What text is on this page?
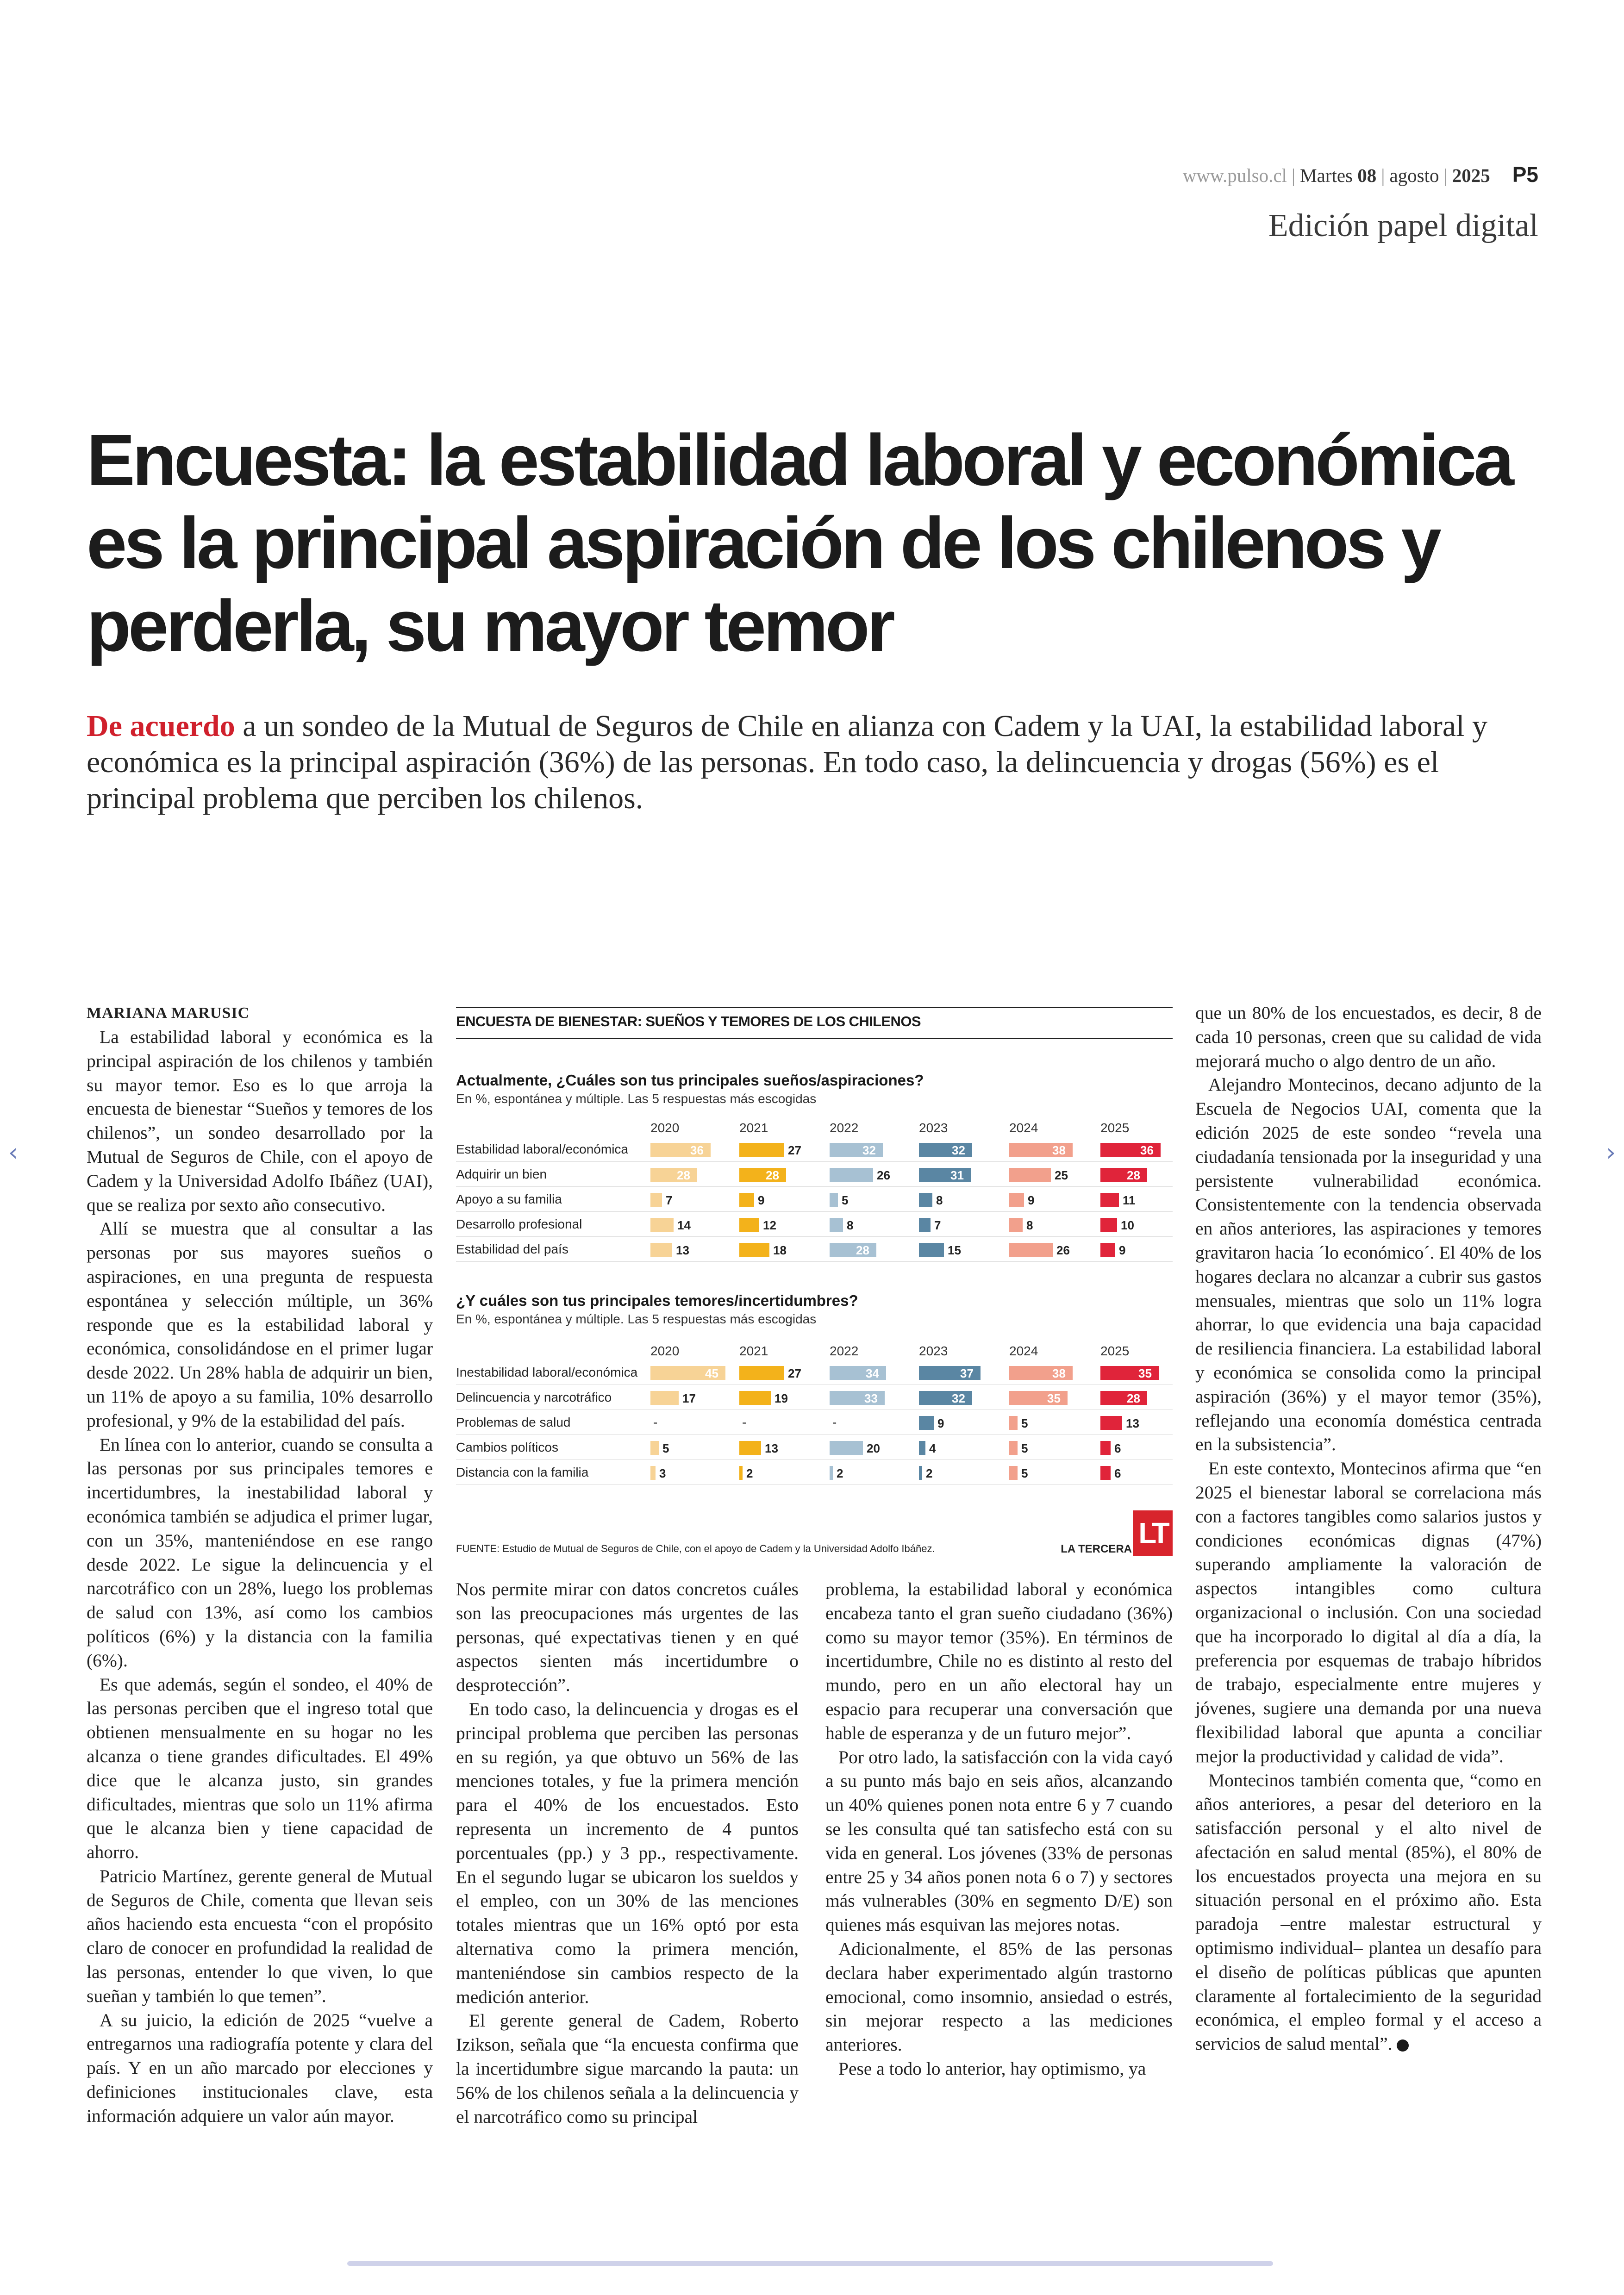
www.pulso.cl | Martes 08 | agosto | 2025 P5
Edición papel digital
Encuesta: la estabilidad laboral y económica es la principal aspiración de los chilenos y perderla, su mayor temor

De acuerdo a un sondeo de la Mutual de Seguros de Chile en alianza con Cadem y la UAI, la estabilidad laboral y económica es la principal aspiración (36%) de las personas. En todo caso, la delincuencia y drogas (56%) es el principal problema que perciben los chilenos.

MARIANA MARUSIC

La estabilidad laboral y económica es la principal aspiración de los chilenos y también su mayor temor. Eso es lo que arroja la encuesta de bienestar “Sueños y temores de los chilenos”, un sondeo desarrollado por la Mutual de Seguros de Chile, con el apoyo de Cadem y la Universidad Adolfo Ibáñez (UAI), que se realiza por sexto año consecutivo.

Allí se muestra que al consultar a las personas por sus mayores sueños o aspiraciones, en una pregunta de respuesta espontánea y selección múltiple, un 36% responde que es la estabilidad laboral y económica, consolidándose en el primer lugar desde 2022. Un 28% habla de adquirir un bien, un 11% de apoyo a su familia, 10% desarrollo profesional, y 9% de la estabilidad del país.

En línea con lo anterior, cuando se consulta a las personas por sus principales temores e incertidumbres, la inestabilidad laboral y económica también se adjudica el primer lugar, con un 35%, manteniéndose en ese rango desde 2022. Le sigue la delincuencia y el narcotráfico con un 28%, luego los problemas de salud con 13%, así como los cambios políticos (6%) y la distancia con la familia (6%).

Es que además, según el sondeo, el 40% de las personas perciben que el ingreso total que obtienen mensualmente en su hogar no les alcanza o tiene grandes dificultades. El 49% dice que le alcanza justo, sin grandes dificultades, mientras que solo un 11% afirma que le alcanza bien y tiene capacidad de ahorro.

Patricio Martínez, gerente general de Mutual de Seguros de Chile, comenta que llevan seis años haciendo esta encuesta “con el propósito claro de conocer en profundidad la realidad de las personas, entender lo que viven, lo que sueñan y también lo que temen”.

A su juicio, la edición de 2025 “vuelve a entregarnos una radiografía potente y clara del país. Y en un año marcado por elecciones y definiciones institucionales clave, esta información adquiere un valor aún mayor.

ENCUESTA DE BIENESTAR: SUEÑOS Y TEMORES DE LOS CHILENOS
Actualmente, ¿Cuáles son tus principales sueños/aspiraciones?
En %, espontánea y múltiple. Las 5 respuestas más escogidas
2020	2021	2022	2023	2024	2025
Estabilidad laboral/económica	36	27	32	32	38	36
Adquirir un bien	28	28	26	31	25	28
Apoyo a su familia	7	9	5	8	9	11
Desarrollo profesional	14	12	8	7	8	10
Estabilidad del país	13	18	28	15	26	9
¿Y cuáles son tus principales temores/incertidumbres?
En %, espontánea y múltiple. Las 5 respuestas más escogidas
2020	2021	2022	2023	2024	2025
Inestabilidad laboral/económica	45	27	34	37	38	35
Delincuencia y narcotráfico	17	19	33	32	35	28
Problemas de salud	-	-	-	9	5	13
Cambios políticos	5	13	20	4	5	6
Distancia con la familia	3	2	2	2	5	6
FUENTE: Estudio de Mutual de Seguros de Chile, con el apoyo de Cadem y la Universidad Adolfo Ibáñez.	LA TERCERA LT

Nos permite mirar con datos concretos cuáles son las preocupaciones más urgentes de las personas, qué expectativas tienen y en qué aspectos sienten más incertidumbre o desprotección”.

En todo caso, la delincuencia y drogas es el principal problema que perciben las personas en su región, ya que obtuvo un 56% de las menciones totales, y fue la primera mención para el 40% de los encuestados. Esto representa un incremento de 4 puntos porcentuales (pp.) y 3 pp., respectivamente. En el segundo lugar se ubicaron los sueldos y el empleo, con un 30% de las menciones totales mientras que un 16% optó por esta alternativa como la primera mención, manteniéndose sin cambios respecto de la medición anterior.

El gerente general de Cadem, Roberto Izikson, señala que “la encuesta confirma que la incertidumbre sigue marcando la pauta: un 56% de los chilenos señala a la delincuencia y el narcotráfico como su principal

problema, la estabilidad laboral y económica encabeza tanto el gran sueño ciudadano (36%) como su mayor temor (35%). En términos de incertidumbre, Chile no es distinto al resto del mundo, pero en un año electoral hay un espacio para recuperar una conversación que hable de esperanza y de un futuro mejor”.

Por otro lado, la satisfacción con la vida cayó a su punto más bajo en seis años, alcanzando un 40% quienes ponen nota entre 6 y 7 cuando se les consulta qué tan satisfecho está con su vida en general. Los jóvenes (33% de personas entre 25 y 34 años ponen nota 6 o 7) y sectores más vulnerables (30% en segmento D/E) son quienes más esquivan las mejores notas.

Adicionalmente, el 85% de las personas declara haber experimentado algún trastorno emocional, como insomnio, ansiedad o estrés, sin mejorar respecto a las mediciones anteriores.

Pese a todo lo anterior, hay optimismo, ya

que un 80% de los encuestados, es decir, 8 de cada 10 personas, creen que su calidad de vida mejorará mucho o algo dentro de un año.

Alejandro Montecinos, decano adjunto de la Escuela de Negocios UAI, comenta que la edición 2025 de este sondeo “revela una ciudadanía tensionada por la inseguridad y una persistente vulnerabilidad económica. Consistentemente con la tendencia observada en años anteriores, las aspiraciones y temores gravitaron hacia ´lo económico´. El 40% de los hogares declara no alcanzar a cubrir sus gastos mensuales, mientras que solo un 11% logra ahorrar, lo que evidencia una baja capacidad de resiliencia financiera. La estabilidad laboral y económica se consolida como la principal aspiración (36%) y el mayor temor (35%), reflejando una economía doméstica centrada en la subsistencia”.

En este contexto, Montecinos afirma que “en 2025 el bienestar laboral se correlaciona más con a factores tangibles como salarios justos y condiciones económicas dignas (47%) superando ampliamente la valoración de aspectos intangibles como cultura organizacional o inclusión. Con una sociedad que ha incorporado lo digital al día a día, la preferencia por esquemas de trabajo híbridos de trabajo, especialmente entre mujeres y jóvenes, sugiere una demanda por una nueva flexibilidad laboral que apunta a conciliar mejor la productividad y calidad de vida”.

Montecinos también comenta que, “como en años anteriores, a pesar del deterioro en la satisfacción personal y el alto nivel de afectación en salud mental (85%), el 80% de los encuestados proyecta una mejora en su situación personal en el próximo año. Esta paradoja –entre malestar estructural y optimismo individual– plantea un desafío para el diseño de políticas públicas que apunten claramente al fortalecimiento de la seguridad económica, el empleo formal y el acceso a servicios de salud mental”. ●

‹	›
